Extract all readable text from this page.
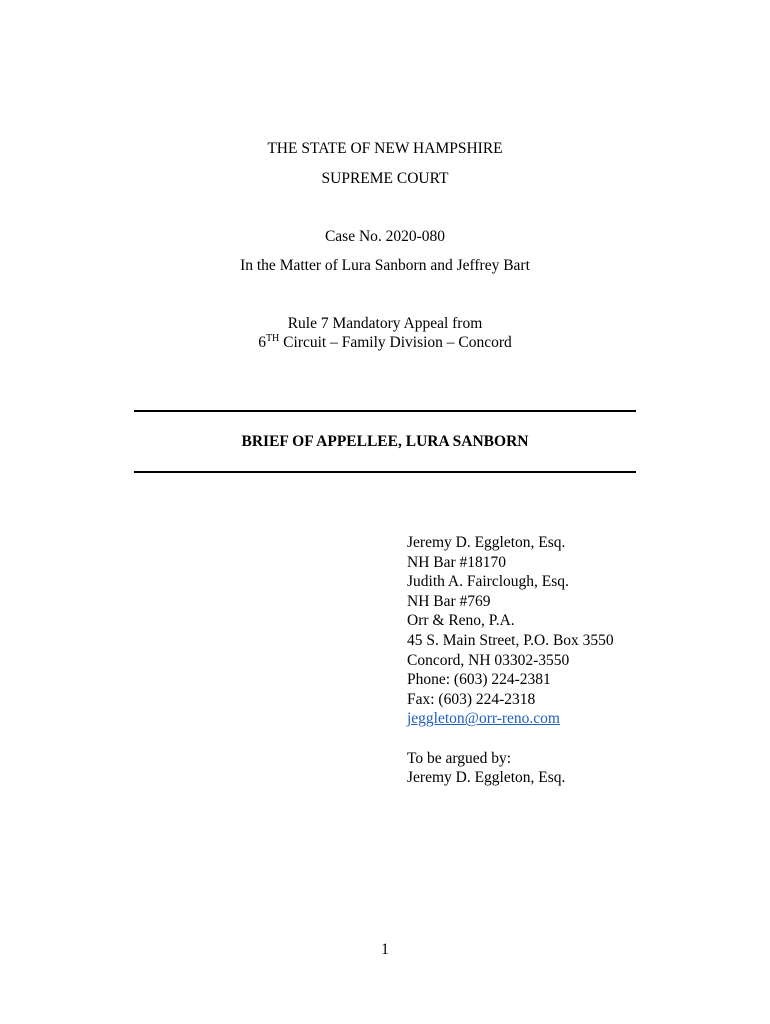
THE STATE OF NEW HAMPSHIRE
SUPREME COURT
Case No. 2020-080
In the Matter of Lura Sanborn and Jeffrey Bart
Rule 7 Mandatory Appeal from
6TH Circuit – Family Division – Concord
BRIEF OF APPELLEE, LURA SANBORN
Jeremy D. Eggleton, Esq.
NH Bar #18170
Judith A. Fairclough, Esq.
NH Bar #769
Orr & Reno, P.A.
45 S. Main Street, P.O. Box 3550
Concord, NH 03302-3550
Phone: (603) 224-2381
Fax: (603) 224-2318
jeggleton@orr-reno.com
To be argued by:
Jeremy D. Eggleton, Esq.
1
